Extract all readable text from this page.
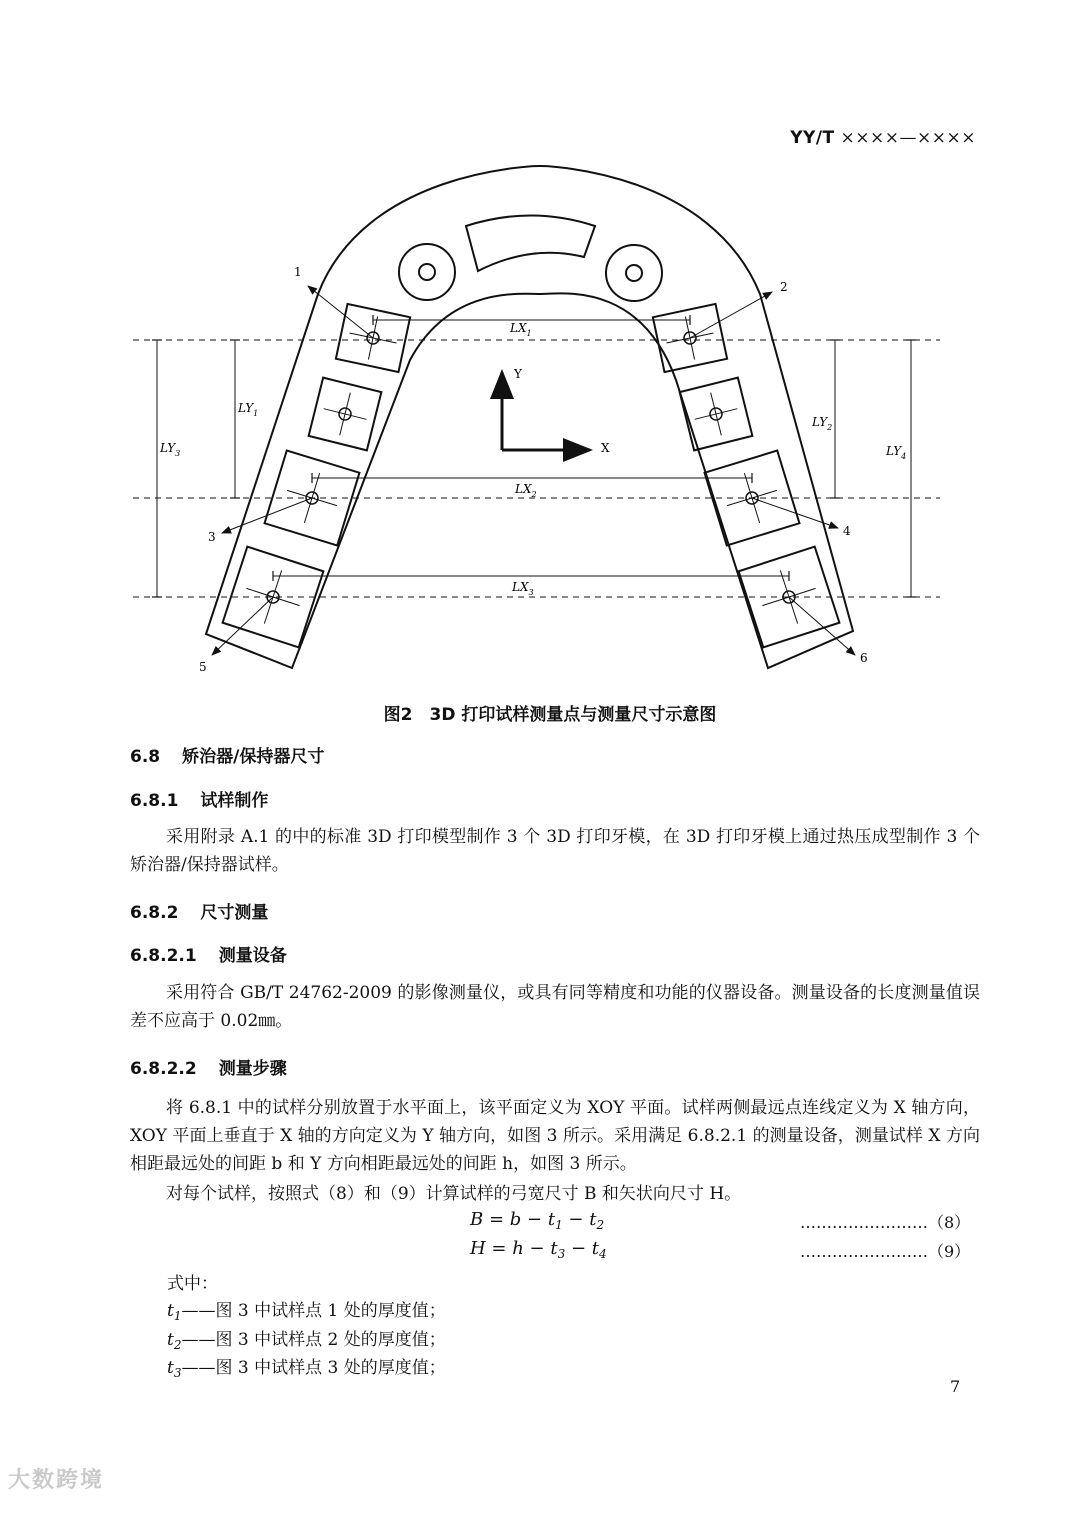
YY/T ××××—××××
$LX_1$
$LX_2$
$LX_3$
$LY_1$
$LY_3$
$LY_2$
$LY_4$
Y
X
1
2
3	4
5
6
图2　3D 打印试样测量点与测量尺寸示意图
6.8 矫治器/保持器尺寸
6.8.1 试样制作
采用附录 A.1 的中的标准 3D 打印模型制作 3 个 3D 打印牙模，在 3D 打印牙模上通过热压成型制作 3 个矫治器/保持器试样。
6.8.2 尺寸测量
6.8.2.1 测量设备
采用符合 GB/T 24762-2009 的影像测量仪，或具有同等精度和功能的仪器设备。测量设备的长度测量值误差不应高于 0.02㎜。
6.8.2.2 测量步骤
将 6.8.1 中的试样分别放置于水平面上，该平面定义为 XOY 平面。试样两侧最远点连线定义为 X 轴方向，XOY 平面上垂直于 X 轴的方向定义为 Y 轴方向，如图 3 所示。采用满足 6.8.2.1 的测量设备，测量试样 X 方向相距最远处的间距 b 和 Y 方向相距最远处的间距 h，如图 3 所示。
对每个试样，按照式（8）和（9）计算试样的弓宽尺寸 B 和矢状向尺寸 H。
$B = b - t_1 - t_2$	……………………（8）
$H = h - t_3 - t_4$	……………………（9）
式中：
$t_1——$图 3 中试样点 1 处的厚度值；
$t_2——$图 3 中试样点 2 处的厚度值；
$t_3——$图 3 中试样点 3 处的厚度值；
7
大数跨境
